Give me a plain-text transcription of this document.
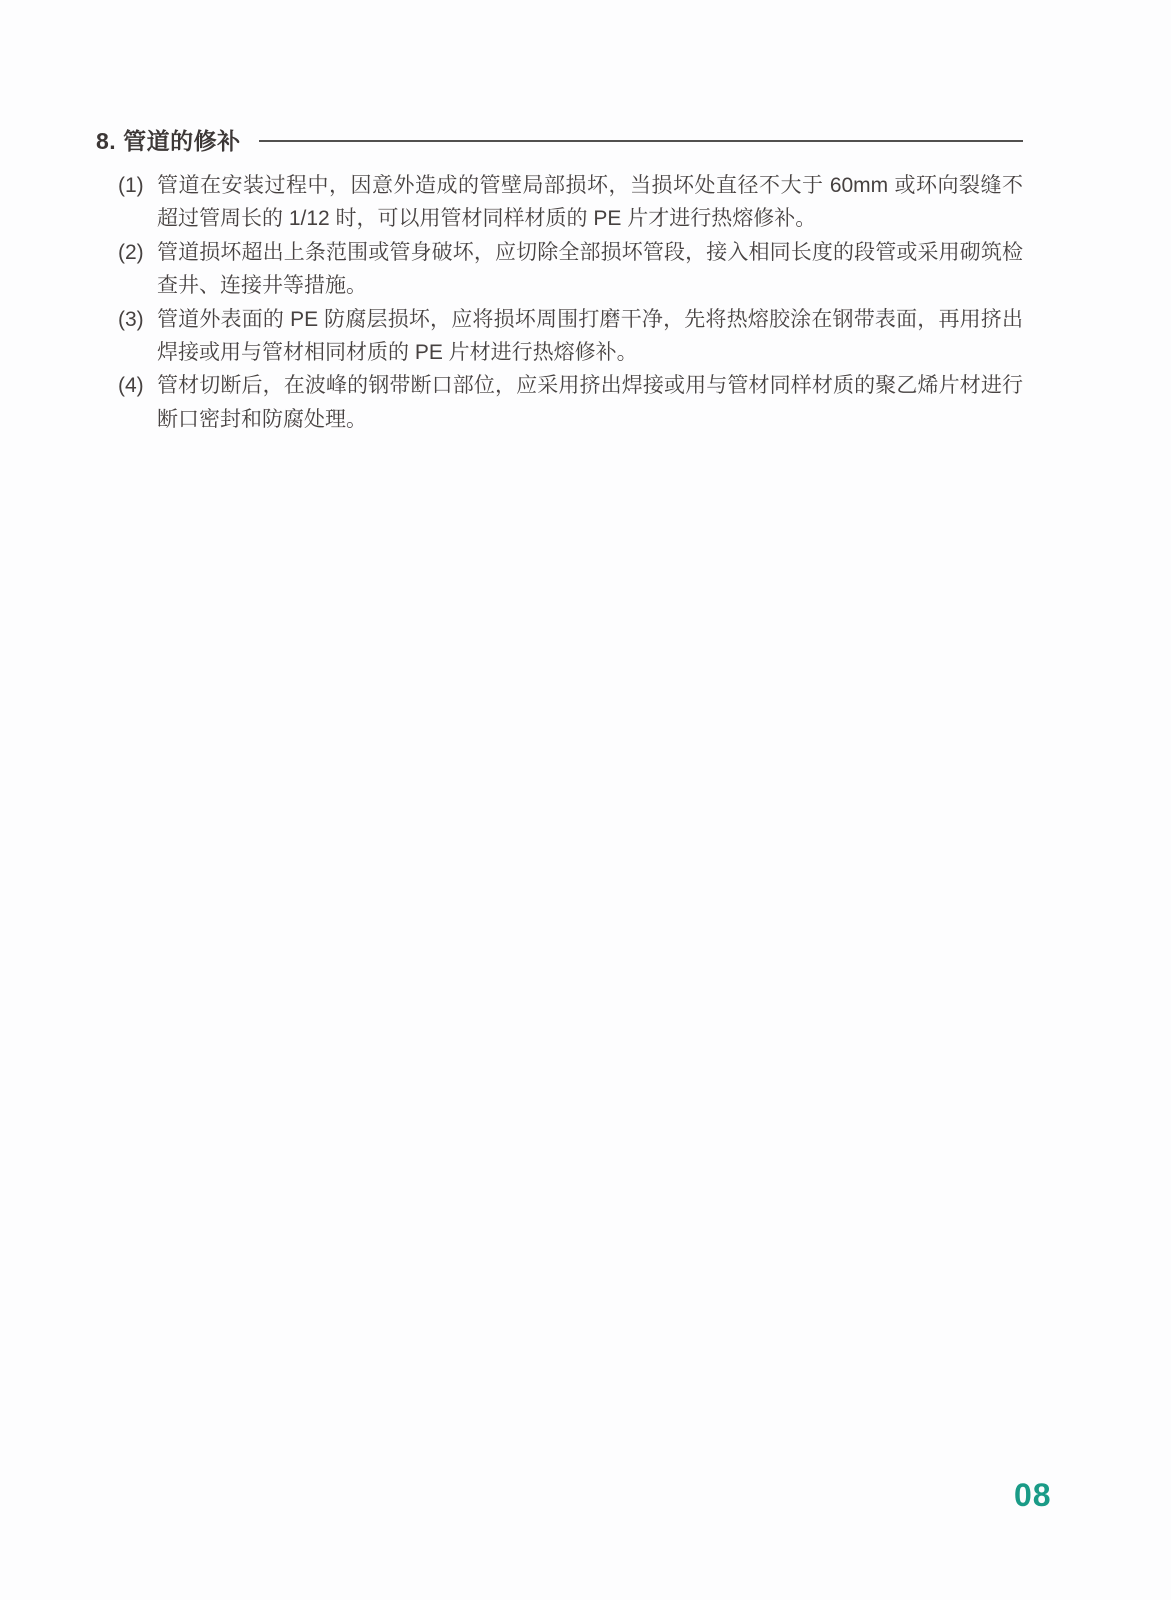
8. 管道的修补
(1) 管道在安装过程中，因意外造成的管壁局部损坏，当损坏处直径不大于 60mm 或环向裂缝不超过管周长的 1/12 时，可以用管材同样材质的 PE 片才进行热熔修补。
(2) 管道损坏超出上条范围或管身破坏，应切除全部损坏管段，接入相同长度的段管或采用砌筑检查井、连接井等措施。
(3) 管道外表面的 PE 防腐层损坏，应将损坏周围打磨干净，先将热熔胶涂在钢带表面，再用挤出焊接或用与管材相同材质的 PE 片材进行热熔修补。
(4) 管材切断后，在波峰的钢带断口部位，应采用挤出焊接或用与管材同样材质的聚乙烯片材进行断口密封和防腐处理。
08
